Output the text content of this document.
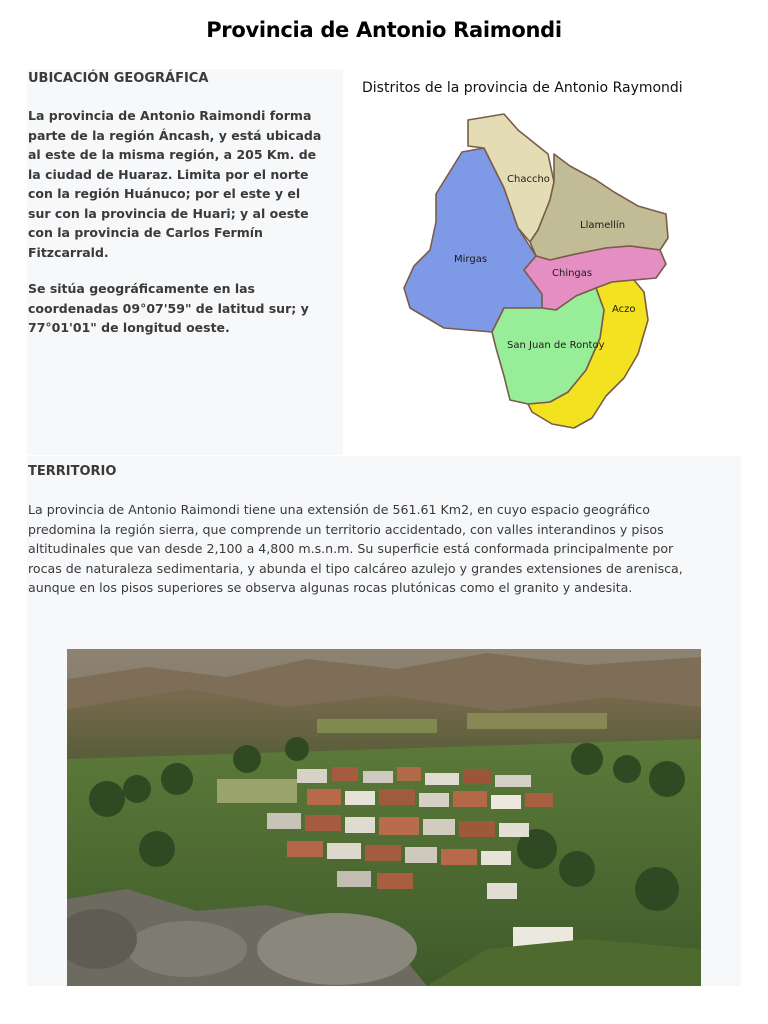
Provincia de Antonio Raimondi
UBICACIÓN GEOGRÁFICA
La provincia de Antonio Raimondi forma
parte de la región Áncash, y está ubicada
al este de la misma región, a 205 Km. de
la ciudad de Huaraz. Limita por el norte
con la región Huánuco; por el este y el
sur con la provincia de Huari; y al oeste
con la provincia de Carlos Fermín
Fitzcarrald.
Se sitúa geográficamente en las
coordenadas 09°07'59" de latitud sur; y
77°01'01" de longitud oeste.
Distritos de la provincia de Antonio Raymondi
Chaccho
Llamellín
Mirgas
Chingas
Aczo
San Juan de Rontoy
TERRITORIO
La provincia de Antonio Raimondi tiene una extensión de 561.61 Km2, en cuyo espacio geográfico
predomina la región sierra, que comprende un territorio accidentado, con valles interandinos y pisos
altitudinales que van desde 2,100 a 4,800 m.s.n.m. Su superficie está conformada principalmente por
rocas de naturaleza sedimentaria, y abunda el tipo calcáreo azulejo y grandes extensiones de arenisca,
aunque en los pisos superiores se observa algunas rocas plutónicas como el granito y andesita.
